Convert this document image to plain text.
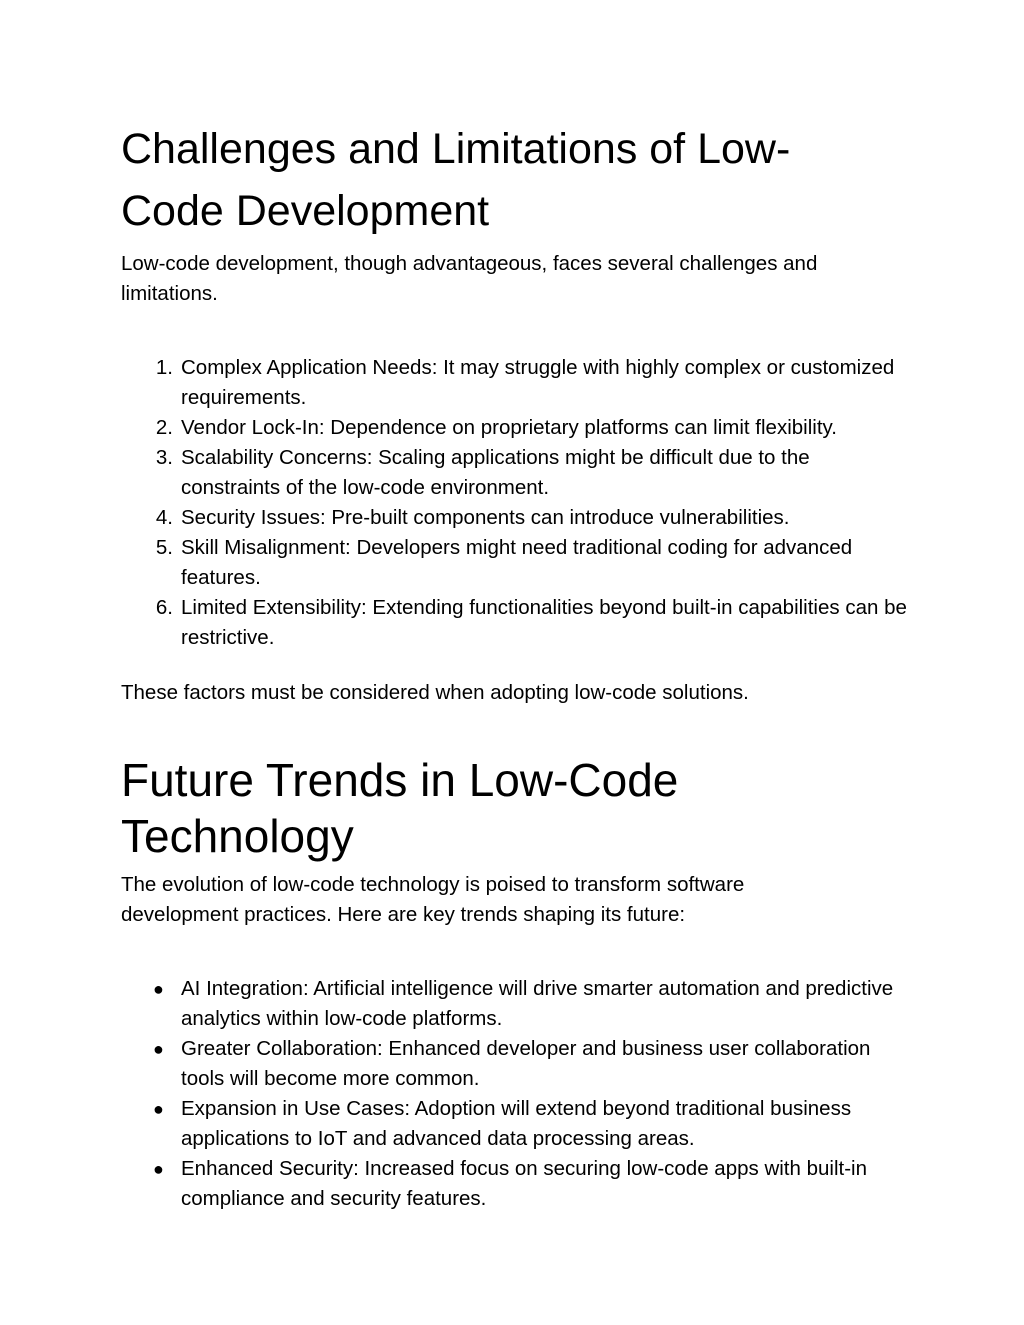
Challenges and Limitations of Low-Code Development

Low-code development, though advantageous, faces several challenges and limitations.

1. Complex Application Needs: It may struggle with highly complex or customized requirements.
2. Vendor Lock-In: Dependence on proprietary platforms can limit flexibility.
3. Scalability Concerns: Scaling applications might be difficult due to the constraints of the low-code environment.
4. Security Issues: Pre-built components can introduce vulnerabilities.
5. Skill Misalignment: Developers might need traditional coding for advanced features.
6. Limited Extensibility: Extending functionalities beyond built-in capabilities can be restrictive.

These factors must be considered when adopting low-code solutions.

Future Trends in Low-Code Technology

The evolution of low-code technology is poised to transform software development practices. Here are key trends shaping its future:

● AI Integration: Artificial intelligence will drive smarter automation and predictive analytics within low-code platforms.
● Greater Collaboration: Enhanced developer and business user collaboration tools will become more common.
● Expansion in Use Cases: Adoption will extend beyond traditional business applications to IoT and advanced data processing areas.
● Enhanced Security: Increased focus on securing low-code apps with built-in compliance and security features.
